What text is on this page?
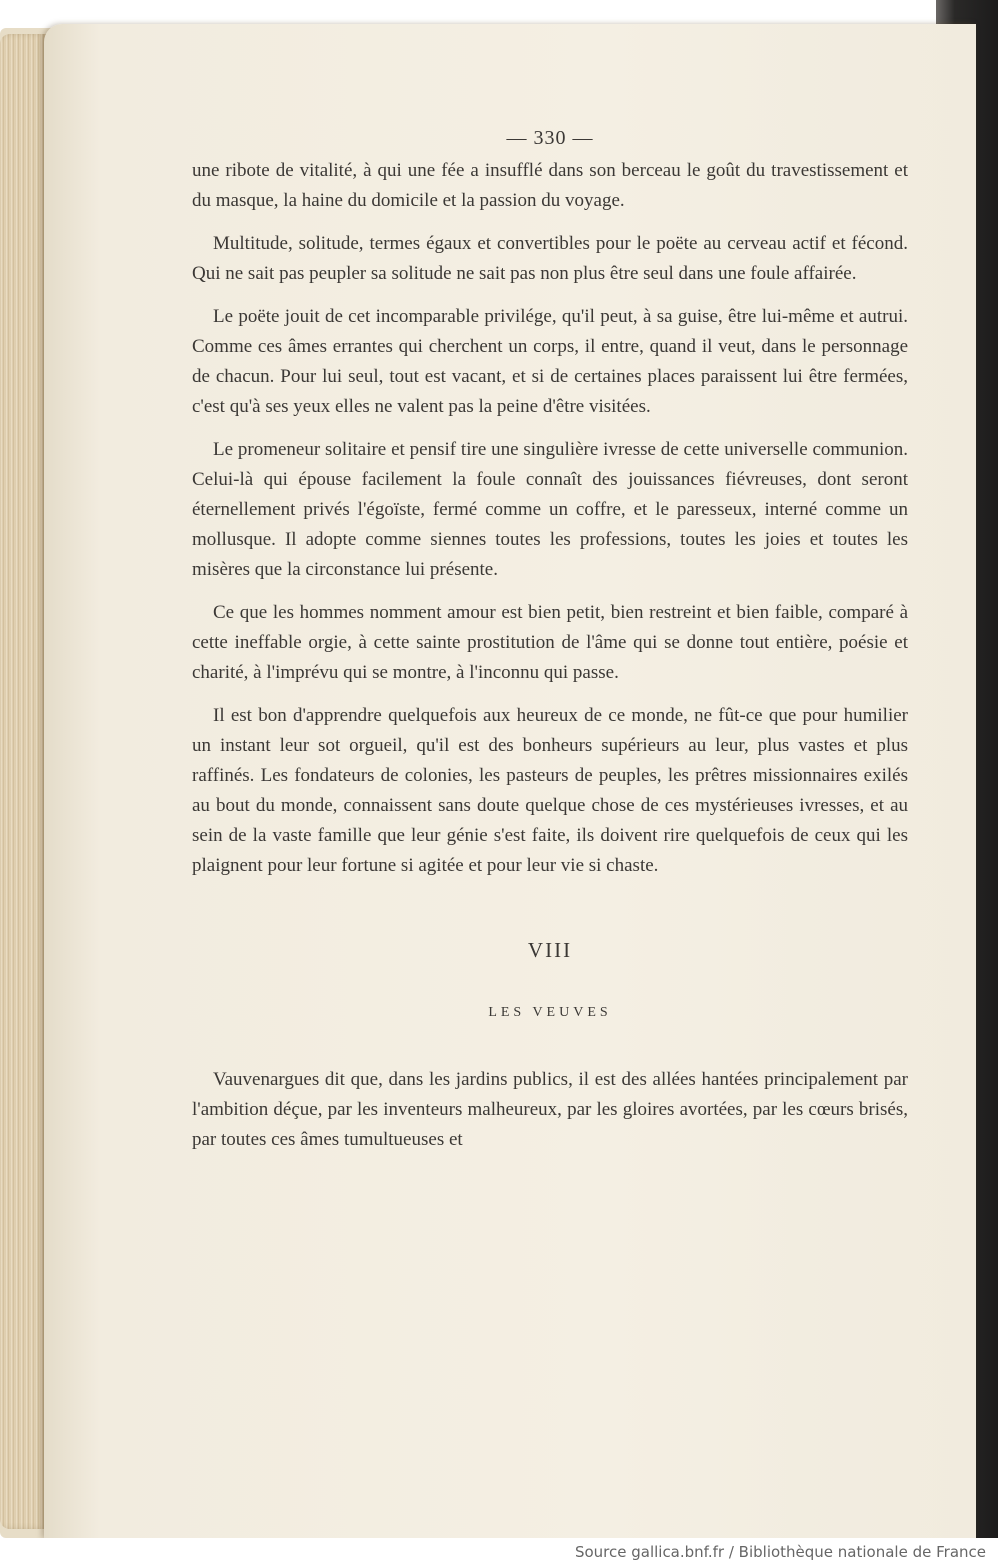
— 330 —

une ribote de vitalité, à qui une fée a insufflé dans son berceau le goût du travestissement et du masque, la haine du domicile et la passion du voyage.

Multitude, solitude, termes égaux et convertibles pour le poëte au cerveau actif et fécond. Qui ne sait pas peupler sa solitude ne sait pas non plus être seul dans une foule affairée.

Le poëte jouit de cet incomparable privilége, qu'il peut, à sa guise, être lui-même et autrui. Comme ces âmes errantes qui cherchent un corps, il entre, quand il veut, dans le personnage de chacun. Pour lui seul, tout est vacant, et si de certaines places paraissent lui être fermées, c'est qu'à ses yeux elles ne valent pas la peine d'être visitées.

Le promeneur solitaire et pensif tire une singulière ivresse de cette universelle communion. Celui-là qui épouse facilement la foule connaît des jouissances fiévreuses, dont seront éternellement privés l'égoïste, fermé comme un coffre, et le paresseux, interné comme un mollusque. Il adopte comme siennes toutes les professions, toutes les joies et toutes les misères que la circonstance lui présente.

Ce que les hommes nomment amour est bien petit, bien restreint et bien faible, comparé à cette ineffable orgie, à cette sainte prostitution de l'âme qui se donne tout entière, poésie et charité, à l'imprévu qui se montre, à l'inconnu qui passe.

Il est bon d'apprendre quelquefois aux heureux de ce monde, ne fût-ce que pour humilier un instant leur sot orgueil, qu'il est des bonheurs supérieurs au leur, plus vastes et plus raffinés. Les fondateurs de colonies, les pasteurs de peuples, les prêtres missionnaires exilés au bout du monde, connaissent sans doute quelque chose de ces mystérieuses ivresses, et au sein de la vaste famille que leur génie s'est faite, ils doivent rire quelquefois de ceux qui les plaignent pour leur fortune si agitée et pour leur vie si chaste.

VIII
LES VEUVES

Vauvenargues dit que, dans les jardins publics, il est des allées hantées principalement par l'ambition déçue, par les inventeurs malheureux, par les gloires avortées, par les cœurs brisés, par toutes ces âmes tumultueuses et

Source gallica.bnf.fr / Bibliothèque nationale de France
